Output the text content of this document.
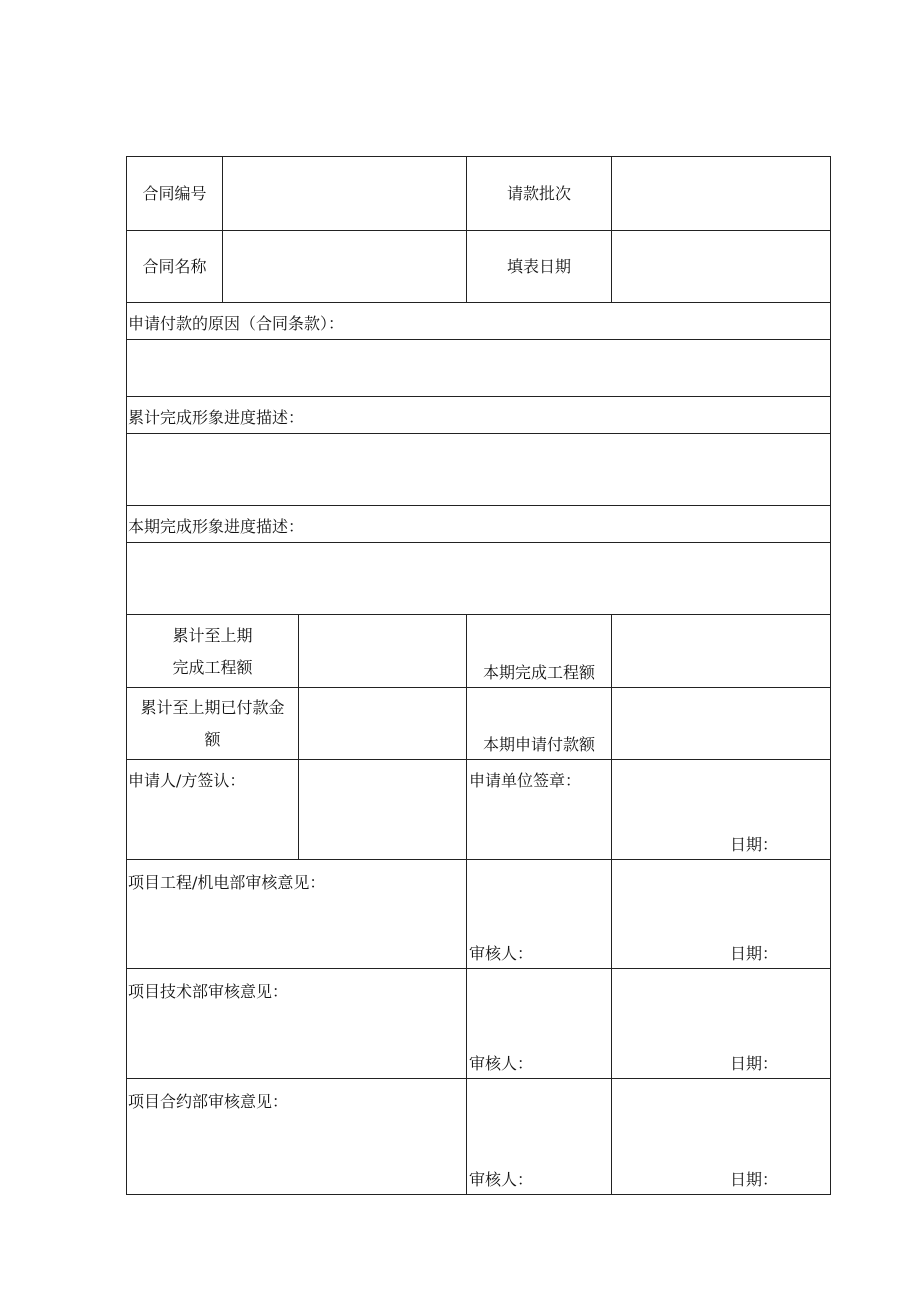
合同编号	请款批次
合同名称	填表日期
申请付款的原因（合同条款）：
累计完成形象进度描述：
本期完成形象进度描述：
累计至上期
完成工程额	本期完成工程额
累计至上期已付款金
额	本期申请付款额
申请人/方签认：	申请单位签章：
日期：
项目工程/机电部审核意见：
审核人：	日期：
项目技术部审核意见：
审核人：	日期：
项目合约部审核意见：
审核人：	日期：
